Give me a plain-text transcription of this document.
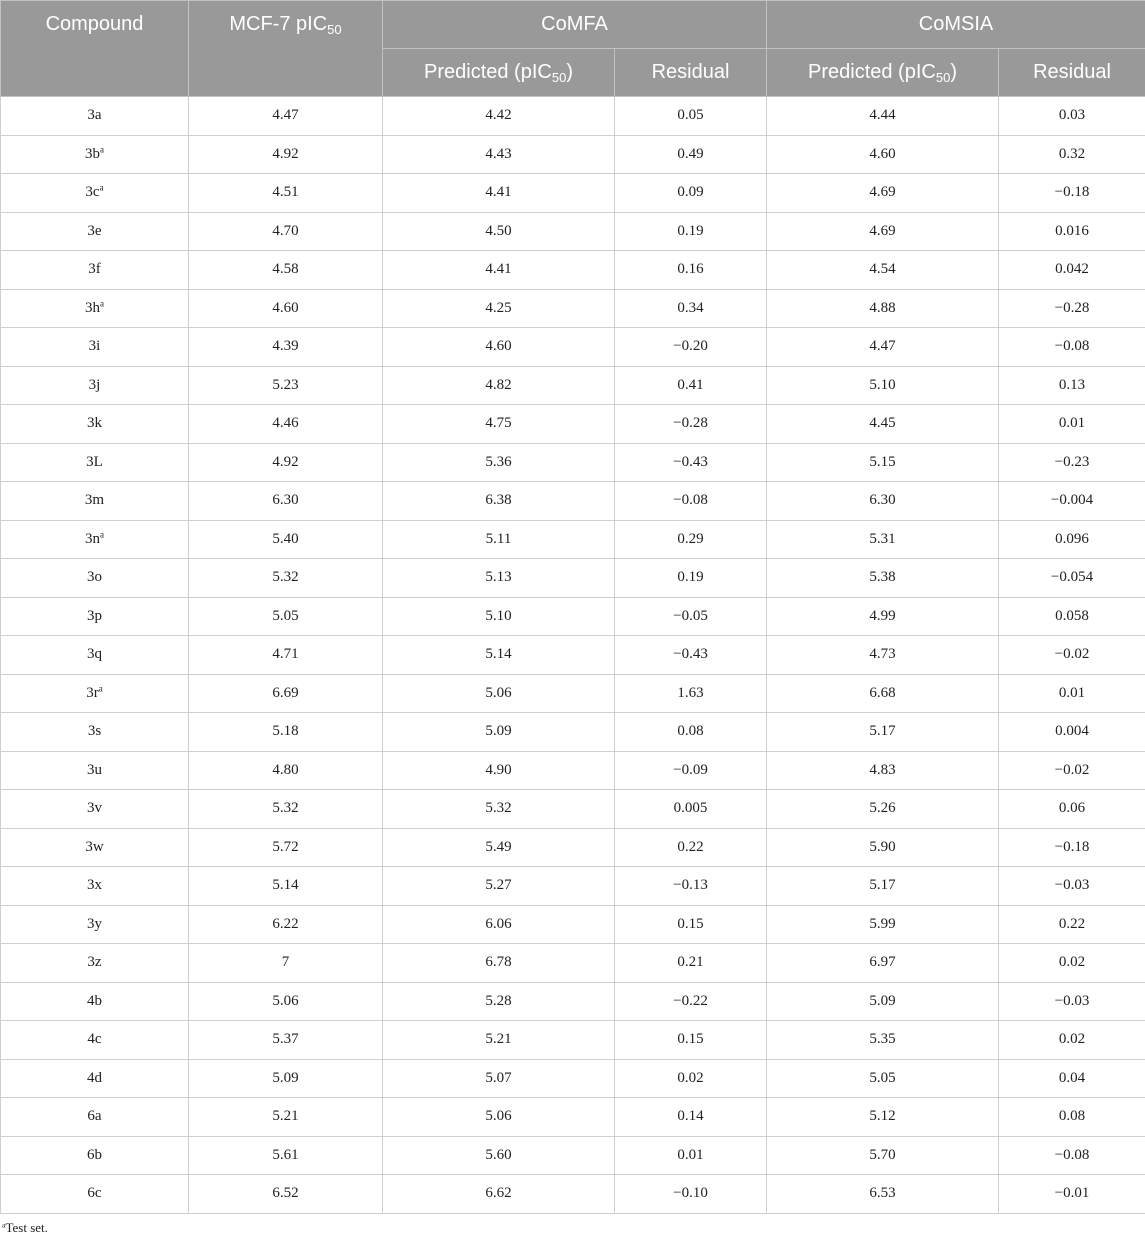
Compound	MCF-7 pIC$_{50}$	CoMFA		CoMSIA	
		Predicted (pIC$_{50}$)	Residual	Predicted (pIC$_{50}$)	Residual
3a	4.47	4.42	0.05	4.44	0.03
$3b^a$	4.92	4.43	0.49	4.60	0.32
$3c^a$	4.51	4.41	0.09	4.69	−0.18
3e	4.70	4.50	0.19	4.69	0.016
3f	4.58	4.41	0.16	4.54	0.042
$3h^a$	4.60	4.25	0.34	4.88	−0.28
3i	4.39	4.60	−0.20	4.47	−0.08
3j	5.23	4.82	0.41	5.10	0.13
3k	4.46	4.75	−0.28	4.45	0.01
3L	4.92	5.36	−0.43	5.15	−0.23
3m	6.30	6.38	−0.08	6.30	−0.004
$3n^a$	5.40	5.11	0.29	5.31	0.096
3o	5.32	5.13	0.19	5.38	−0.054
3p	5.05	5.10	−0.05	4.99	0.058
3q	4.71	5.14	−0.43	4.73	−0.02
$3r^a$	6.69	5.06	1.63	6.68	0.01
3s	5.18	5.09	0.08	5.17	0.004
3u	4.80	4.90	−0.09	4.83	−0.02
3v	5.32	5.32	0.005	5.26	0.06
3w	5.72	5.49	0.22	5.90	−0.18
3x	5.14	5.27	−0.13	5.17	−0.03
3y	6.22	6.06	0.15	5.99	0.22
3z	7	6.78	0.21	6.97	0.02
4b	5.06	5.28	−0.22	5.09	−0.03
4c	5.37	5.21	0.15	5.35	0.02
4d	5.09	5.07	0.02	5.05	0.04
6a	5.21	5.06	0.14	5.12	0.08
6b	5.61	5.60	0.01	5.70	−0.08
6c	6.52	6.62	−0.10	6.53	−0.01
$^a$Test set.
